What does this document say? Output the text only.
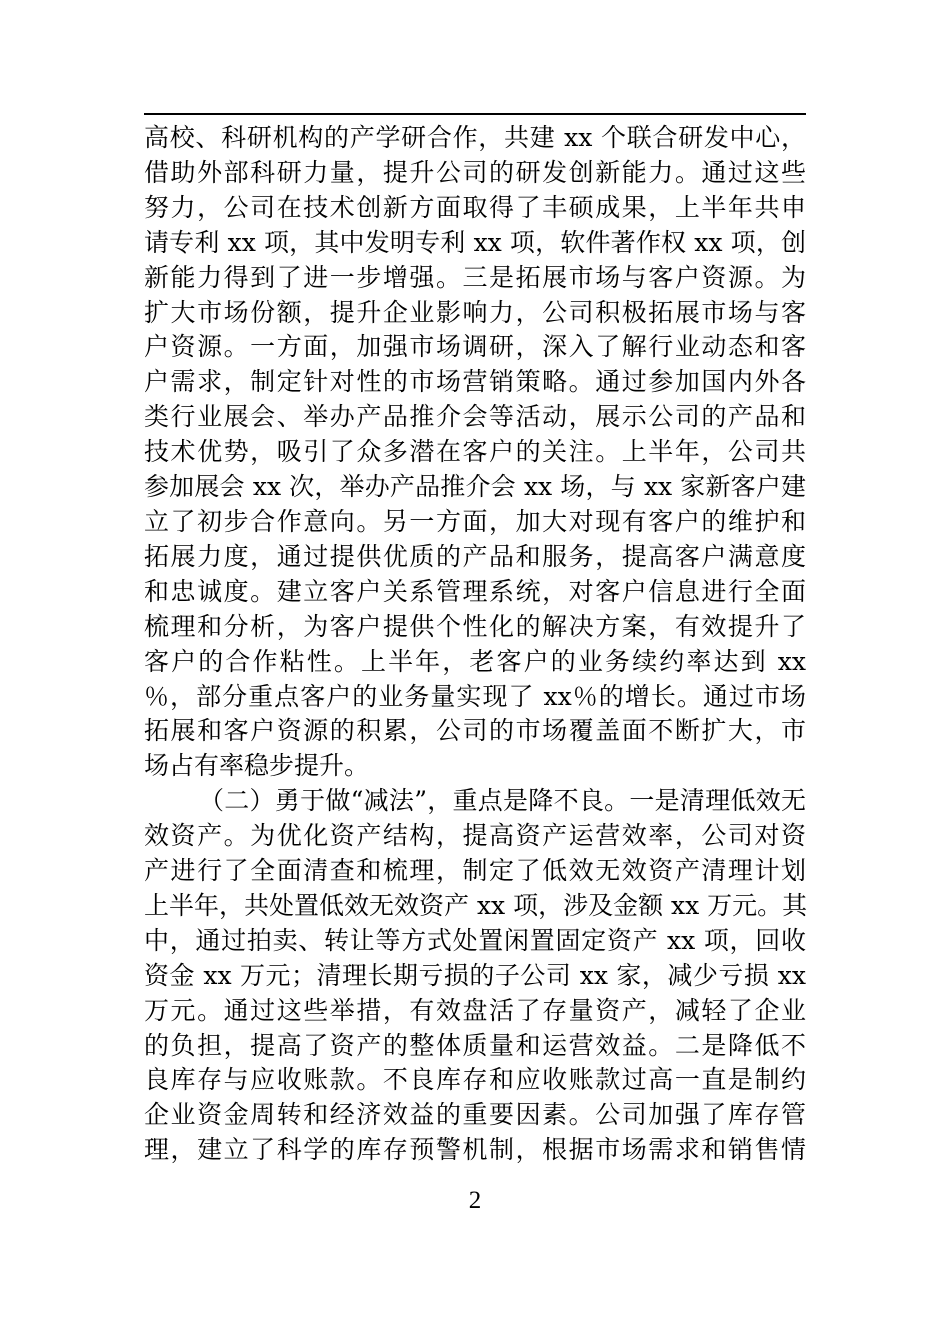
高校、科研机构的产学研合作，共建 xx 个联合研发中心，
借助外部科研力量，提升公司的研发创新能力。通过这些
努力，公司在技术创新方面取得了丰硕成果，上半年共申
请专利 xx 项，其中发明专利 xx 项，软件著作权 xx 项，创
新能力得到了进一步增强。三是拓展市场与客户资源。为
扩大市场份额，提升企业影响力，公司积极拓展市场与客
户资源。一方面，加强市场调研，深入了解行业动态和客
户需求，制定针对性的市场营销策略。通过参加国内外各
类行业展会、举办产品推介会等活动，展示公司的产品和
技术优势，吸引了众多潜在客户的关注。上半年，公司共
参加展会 xx 次，举办产品推介会 xx 场，与 xx 家新客户建
立了初步合作意向。另一方面，加大对现有客户的维护和
拓展力度，通过提供优质的产品和服务，提高客户满意度
和忠诚度。建立客户关系管理系统，对客户信息进行全面
梳理和分析，为客户提供个性化的解决方案，有效提升了
客户的合作粘性。上半年，老客户的业务续约率达到 xx
％，部分重点客户的业务量实现了 xx％的增长。通过市场
拓展和客户资源的积累，公司的市场覆盖面不断扩大，市
场占有率稳步提升。
（二）勇于做“减法”，重点是降不良。一是清理低效无
效资产。为优化资产结构，提高资产运营效率，公司对资
产进行了全面清查和梳理，制定了低效无效资产清理计划
上半年，共处置低效无效资产 xx 项，涉及金额 xx 万元。其
中，通过拍卖、转让等方式处置闲置固定资产 xx 项，回收
资金 xx 万元；清理长期亏损的子公司 xx 家，减少亏损 xx
万元。通过这些举措，有效盘活了存量资产，减轻了企业
的负担，提高了资产的整体质量和运营效益。二是降低不
良库存与应收账款。不良库存和应收账款过高一直是制约
企业资金周转和经济效益的重要因素。公司加强了库存管
理，建立了科学的库存预警机制，根据市场需求和销售情
2
